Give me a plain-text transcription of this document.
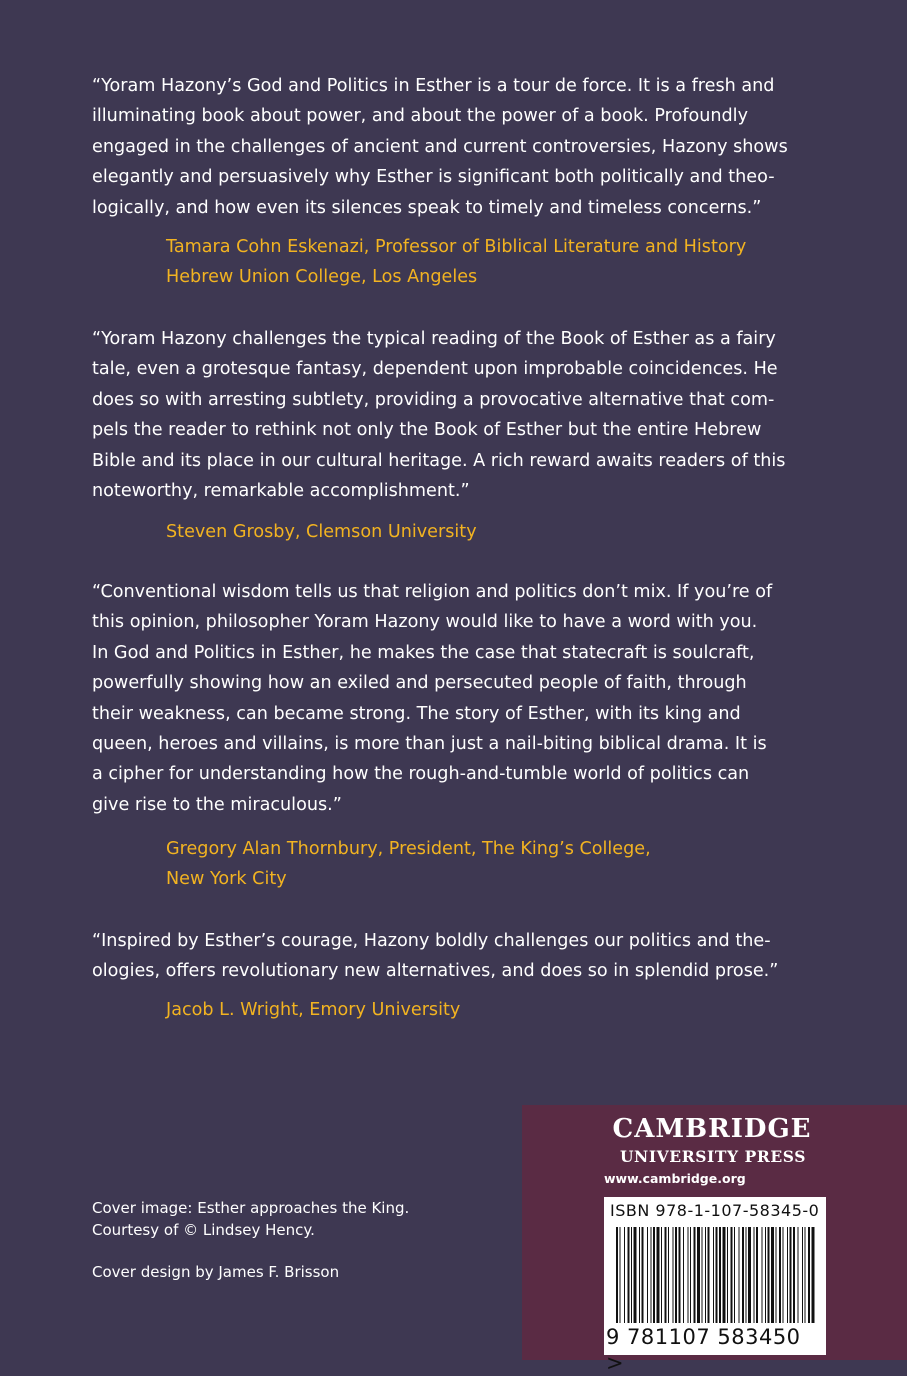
“Yoram Hazony’s God and Politics in Esther is a tour de force. It is a fresh and
illuminating book about power, and about the power of a book. Profoundly
engaged in the challenges of ancient and current controversies, Hazony shows
elegantly and persuasively why Esther is significant both politically and theo-
logically, and how even its silences speak to timely and timeless concerns.”
Tamara Cohn Eskenazi, Professor of Biblical Literature and History
Hebrew Union College, Los Angeles
“Yoram Hazony challenges the typical reading of the Book of Esther as a fairy
tale, even a grotesque fantasy, dependent upon improbable coincidences. He
does so with arresting subtlety, providing a provocative alternative that com-
pels the reader to rethink not only the Book of Esther but the entire Hebrew
Bible and its place in our cultural heritage. A rich reward awaits readers of this
noteworthy, remarkable accomplishment.”
Steven Grosby, Clemson University
“Conventional wisdom tells us that religion and politics don’t mix. If you’re of
this opinion, philosopher Yoram Hazony would like to have a word with you.
In God and Politics in Esther, he makes the case that statecraft is soulcraft,
powerfully showing how an exiled and persecuted people of faith, through
their weakness, can became strong. The story of Esther, with its king and
queen, heroes and villains, is more than just a nail-biting biblical drama. It is
a cipher for understanding how the rough-and-tumble world of politics can
give rise to the miraculous.”
Gregory Alan Thornbury, President, The King’s College,
New York City
“Inspired by Esther’s courage, Hazony boldly challenges our politics and the-
ologies, offers revolutionary new alternatives, and does so in splendid prose.”
Jacob L. Wright, Emory University
Cover image: Esther approaches the King.
Courtesy of © Lindsey Hency.
Cover design by James F. Brisson
CAMBRIDGE
UNIVERSITY PRESS
www.cambridge.org
ISBN 978-1-107-58345-0
9 781107 583450 >
